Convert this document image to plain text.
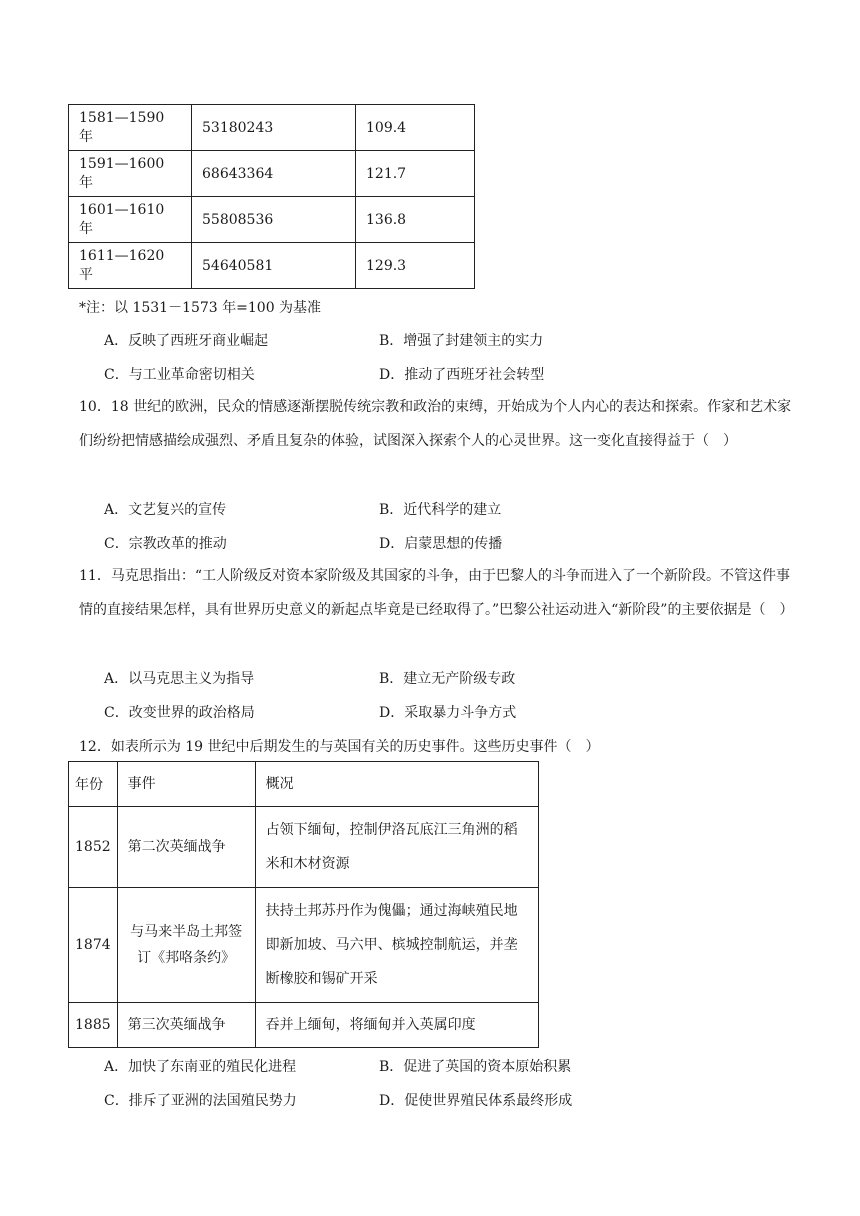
1581—1590 年	53180243	109.4
1591—1600 年	68643364	121.7
1601—1610 年	55808536	136.8
1611—1620 平	54640581	129.3
*注：以 1531－1573 年=100 为基准
A．反映了西班牙商业崛起	B．增强了封建领主的实力
C．与工业革命密切相关	D．推动了西班牙社会转型
10．18 世纪的欧洲，民众的情感逐渐摆脱传统宗教和政治的束缚，开始成为个人内心的表达和探索。作家和艺术家们纷纷把情感描绘成强烈、矛盾且复杂的体验，试图深入探索个人的心灵世界。这一变化直接得益于（　）
A．文艺复兴的宣传	B．近代科学的建立
C．宗教改革的推动	D．启蒙思想的传播
11．马克思指出：“工人阶级反对资本家阶级及其国家的斗争，由于巴黎人的斗争而进入了一个新阶段。不管这件事情的直接结果怎样，具有世界历史意义的新起点毕竟是已经取得了。”巴黎公社运动进入“新阶段”的主要依据是（　）
A．以马克思主义为指导	B．建立无产阶级专政
C．改变世界的政治格局	D．采取暴力斗争方式
12．如表所示为 19 世纪中后期发生的与英国有关的历史事件。这些历史事件（　）
年份	事件	概况
1852	第二次英缅战争	占领下缅甸，控制伊洛瓦底江三角洲的稻米和木材资源
1874	与马来半岛土邦签订《邦咯条约》	扶持土邦苏丹作为傀儡；通过海峡殖民地即新加坡、马六甲、槟城控制航运，并垄断橡胶和锡矿开采
1885	第三次英缅战争	吞并上缅甸，将缅甸并入英属印度
A．加快了东南亚的殖民化进程	B．促进了英国的资本原始积累
C．排斥了亚洲的法国殖民势力	D．促使世界殖民体系最终形成
